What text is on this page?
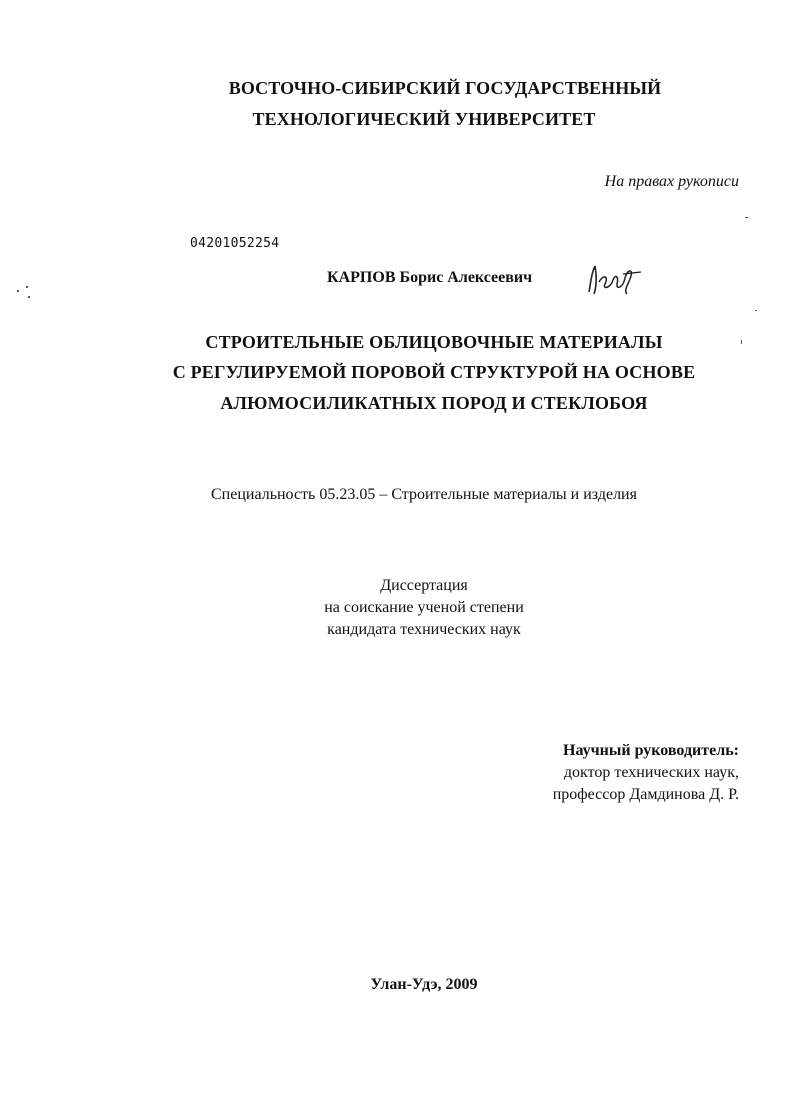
ВОСТОЧНО-СИБИРСКИЙ ГОСУДАРСТВЕННЫЙ
ТЕХНОЛОГИЧЕСКИЙ УНИВЕРСИТЕТ
На правах рукописи
04201052254
КАРПОВ Борис Алексеевич
СТРОИТЕЛЬНЫЕ ОБЛИЦОВОЧНЫЕ МАТЕРИАЛЫ
С РЕГУЛИРУЕМОЙ ПОРОВОЙ СТРУКТУРОЙ НА ОСНОВЕ
АЛЮМОСИЛИКАТНЫХ ПОРОД И СТЕКЛОБОЯ
Специальность 05.23.05 – Строительные материалы и изделия
Диссертация
на соискание ученой степени
кандидата технических наук
Научный руководитель:
доктор технических наук,
профессор Дамдинова Д. Р.
Улан-Удэ, 2009
